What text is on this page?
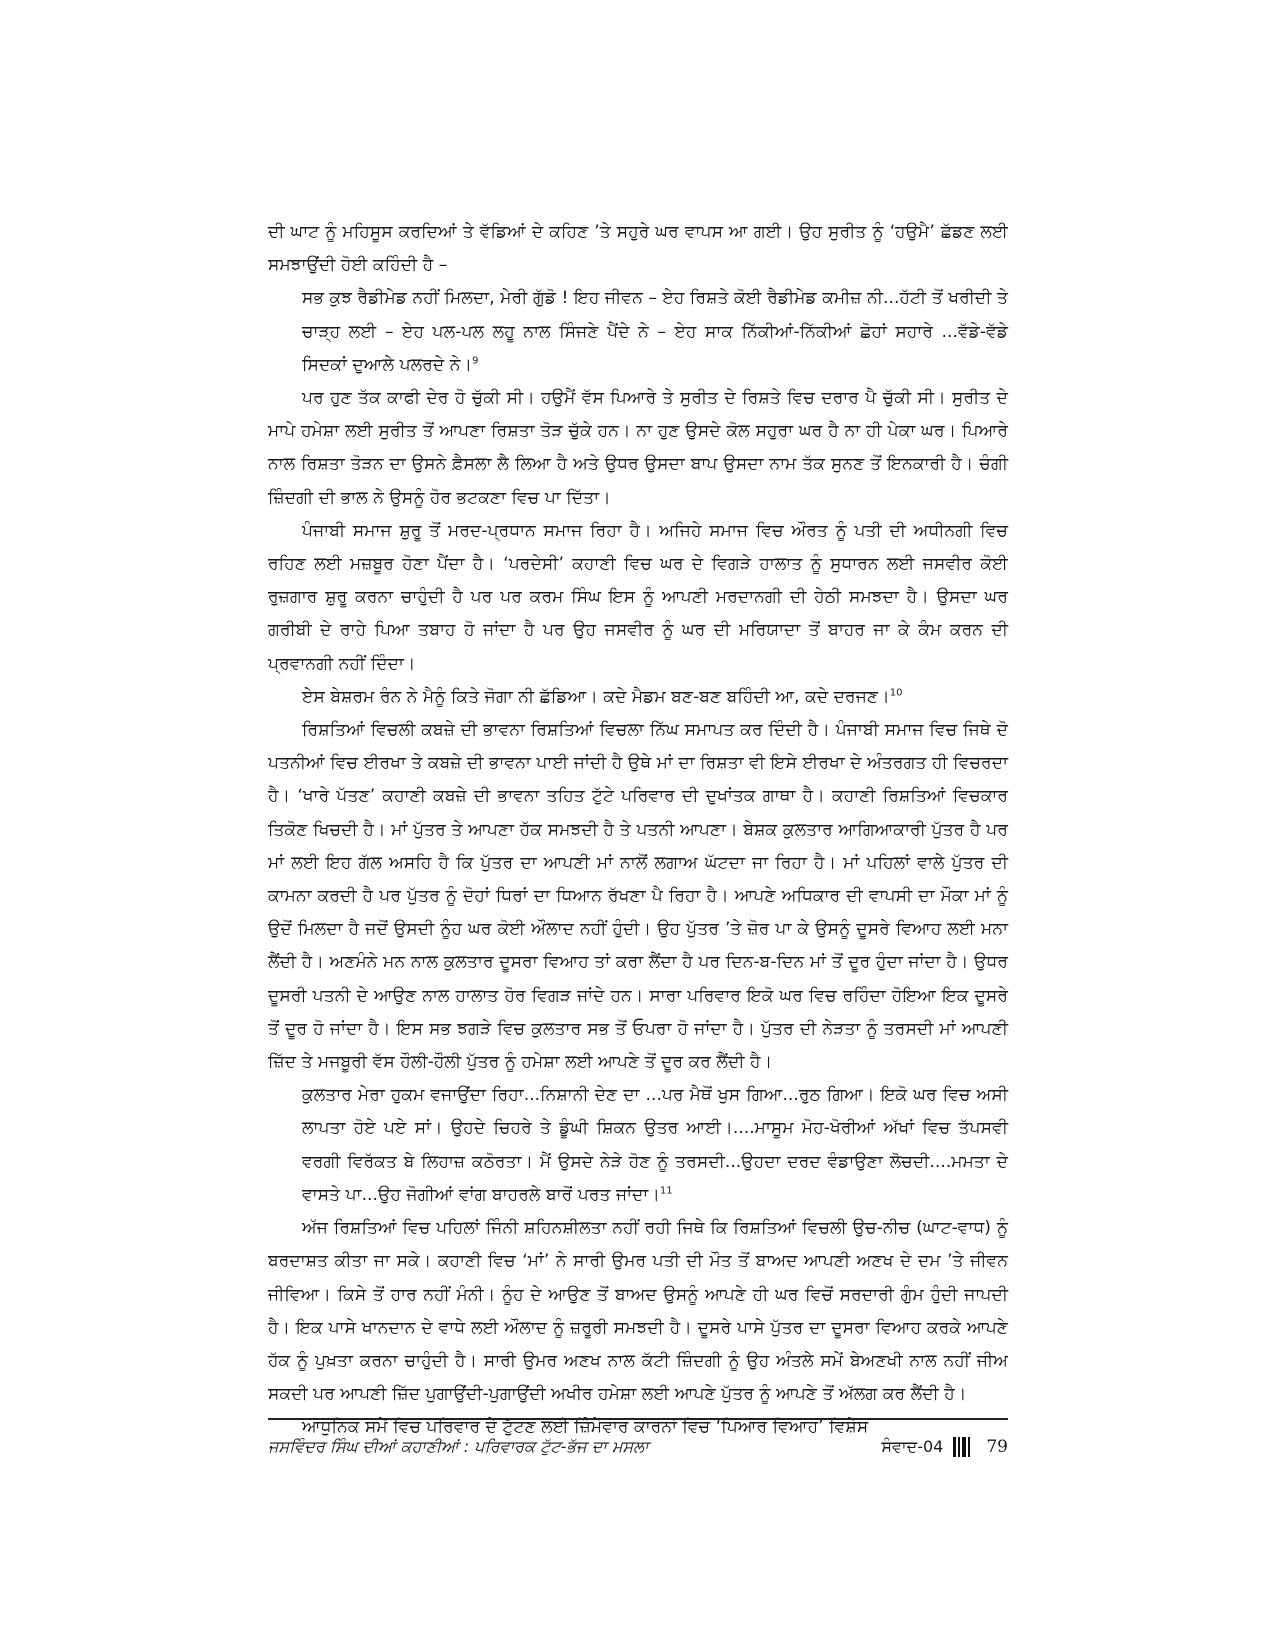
ਦੀ ਘਾਟ ਨੂੰ ਮਹਿਸੂਸ ਕਰਦਿਆਂ ਤੇ ਵੱਡਿਆਂ ਦੇ ਕਹਿਣ ’ਤੇ ਸਹੁਰੇ ਘਰ ਵਾਪਸ ਆ ਗਈ। ਉਹ ਸੁਰੀਤ ਨੂੰ ‘ਹਉਮੈ’ ਛੱਡਣ ਲਈ ਸਮਝਾਉਂਦੀ ਹੋਈ ਕਹਿੰਦੀ ਹੈ –

ਸਭ ਕੁਝ ਰੈਡੀਮੇਡ ਨਹੀਂ ਮਿਲਦਾ, ਮੇਰੀ ਗੁੱਡੋ ! ਇਹ ਜੀਵਨ – ਏਹ ਰਿਸ਼ਤੇ ਕੋਈ ਰੈਡੀਮੇਡ ਕਮੀਜ਼ ਨੀ...ਹੱਟੀ ਤੋਂ ਖਰੀਦੀ ਤੇ ਚਾੜ੍ਹ ਲਈ – ਏਹ ਪਲ-ਪਲ ਲਹੂ ਨਾਲ ਸਿੰਜਣੇ ਪੈਂਦੇ ਨੇ – ਏਹ ਸਾਕ ਨਿੱਕੀਆਂ-ਨਿੱਕੀਆਂ ਛੋਹਾਂ ਸਹਾਰੇ ...ਵੱਡੇ-ਵੱਡੇ ਸਿਦਕਾਂ ਦੁਆਲੇ ਪਲਰਦੇ ਨੇ।$^9$

ਪਰ ਹੁਣ ਤੱਕ ਕਾਫੀ ਦੇਰ ਹੋ ਚੁੱਕੀ ਸੀ। ਹਉਮੈਂ ਵੱਸ ਪਿਆਰੇ ਤੇ ਸੁਰੀਤ ਦੇ ਰਿਸ਼ਤੇ ਵਿਚ ਦਰਾਰ ਪੈ ਚੁੱਕੀ ਸੀ। ਸੁਰੀਤ ਦੇ ਮਾਪੇ ਹਮੇਸ਼ਾ ਲਈ ਸੁਰੀਤ ਤੋਂ ਆਪਣਾ ਰਿਸ਼ਤਾ ਤੋੜ ਚੁੱਕੇ ਹਨ। ਨਾ ਹੁਣ ਉਸਦੇ ਕੋਲ ਸਹੁਰਾ ਘਰ ਹੈ ਨਾ ਹੀ ਪੇਕਾ ਘਰ। ਪਿਆਰੇ ਨਾਲ ਰਿਸ਼ਤਾ ਤੋੜਨ ਦਾ ਉਸਨੇ ਫ਼ੈਸਲਾ ਲੈ ਲਿਆ ਹੈ ਅਤੇ ਉਧਰ ਉਸਦਾ ਬਾਪ ਉਸਦਾ ਨਾਮ ਤੱਕ ਸੁਨਣ ਤੋਂ ਇਨਕਾਰੀ ਹੈ। ਚੰਗੀ ਜ਼ਿੰਦਗੀ ਦੀ ਭਾਲ ਨੇ ਉਸਨੂੰ ਹੋਰ ਭਟਕਣਾ ਵਿਚ ਪਾ ਦਿੱਤਾ।

ਪੰਜਾਬੀ ਸਮਾਜ ਸ਼ੁਰੂ ਤੋਂ ਮਰਦ-ਪ੍ਰਧਾਨ ਸਮਾਜ ਰਿਹਾ ਹੈ। ਅਜਿਹੇ ਸਮਾਜ ਵਿਚ ਔਰਤ ਨੂੰ ਪਤੀ ਦੀ ਅਧੀਨਗੀ ਵਿਚ ਰਹਿਣ ਲਈ ਮਜ਼ਬੂਰ ਹੋਣਾ ਪੈਂਦਾ ਹੈ। ‘ਪਰਦੇਸੀ’ ਕਹਾਣੀ ਵਿਚ ਘਰ ਦੇ ਵਿਗੜੇ ਹਾਲਾਤ ਨੂੰ ਸੁਧਾਰਨ ਲਈ ਜਸਵੀਰ ਕੋਈ ਰੁਜ਼ਗਾਰ ਸ਼ੁਰੂ ਕਰਨਾ ਚਾਹੁੰਦੀ ਹੈ ਪਰ ਪਰ ਕਰਮ ਸਿੰਘ ਇਸ ਨੂੰ ਆਪਣੀ ਮਰਦਾਨਗੀ ਦੀ ਹੇਠੀ ਸਮਝਦਾ ਹੈ। ਉਸਦਾ ਘਰ ਗਰੀਬੀ ਦੇ ਰਾਹੇ ਪਿਆ ਤਬਾਹ ਹੋ ਜਾਂਦਾ ਹੈ ਪਰ ਉਹ ਜਸਵੀਰ ਨੂੰ ਘਰ ਦੀ ਮਰਿਯਾਦਾ ਤੋਂ ਬਾਹਰ ਜਾ ਕੇ ਕੰਮ ਕਰਨ ਦੀ ਪ੍ਰਵਾਨਗੀ ਨਹੀਂ ਦਿੰਦਾ।

ਏਸ ਬੇਸ਼ਰਮ ਰੰਨ ਨੇ ਮੈਨੂੰ ਕਿਤੇ ਜੋਗਾ ਨੀ ਛੱਡਿਆ। ਕਦੇ ਮੈਡਮ ਬਣ-ਬਣ ਬਹਿੰਦੀ ਆ, ਕਦੇ ਦਰਜਣ।$^{10}$

ਰਿਸ਼ਤਿਆਂ ਵਿਚਲੀ ਕਬਜ਼ੇ ਦੀ ਭਾਵਨਾ ਰਿਸ਼ਤਿਆਂ ਵਿਚਲਾ ਨਿੱਘ ਸਮਾਪਤ ਕਰ ਦਿੰਦੀ ਹੈ। ਪੰਜਾਬੀ ਸਮਾਜ ਵਿਚ ਜਿਥੇ ਦੋ ਪਤਨੀਆਂ ਵਿਚ ਈਰਖਾ ਤੇ ਕਬਜ਼ੇ ਦੀ ਭਾਵਨਾ ਪਾਈ ਜਾਂਦੀ ਹੈ ਉਥੇ ਮਾਂ ਦਾ ਰਿਸ਼ਤਾ ਵੀ ਇਸੇ ਈਰਖਾ ਦੇ ਅੰਤਰਗਤ ਹੀ ਵਿਚਰਦਾ ਹੈ। ‘ਖਾਰੇ ਪੱਤਣ’ ਕਹਾਣੀ ਕਬਜ਼ੇ ਦੀ ਭਾਵਨਾ ਤਹਿਤ ਟੁੱਟੇ ਪਰਿਵਾਰ ਦੀ ਦੁਖਾਂਤਕ ਗਾਥਾ ਹੈ। ਕਹਾਣੀ ਰਿਸ਼ਤਿਆਂ ਵਿਚਕਾਰ ਤਿਕੋਣ ਖਿਚਦੀ ਹੈ। ਮਾਂ ਪੁੱਤਰ ਤੇ ਆਪਣਾ ਹੱਕ ਸਮਝਦੀ ਹੈ ਤੇ ਪਤਨੀ ਆਪਣਾ। ਬੇਸ਼ਕ ਕੁਲਤਾਰ ਆਗਿਆਕਾਰੀ ਪੁੱਤਰ ਹੈ ਪਰ ਮਾਂ ਲਈ ਇਹ ਗੱਲ ਅਸਹਿ ਹੈ ਕਿ ਪੁੱਤਰ ਦਾ ਆਪਣੀ ਮਾਂ ਨਾਲੋਂ ਲਗਾਅ ਘੱਟਦਾ ਜਾ ਰਿਹਾ ਹੈ। ਮਾਂ ਪਹਿਲਾਂ ਵਾਲੇ ਪੁੱਤਰ ਦੀ ਕਾਮਨਾ ਕਰਦੀ ਹੈ ਪਰ ਪੁੱਤਰ ਨੂੰ ਦੋਹਾਂ ਧਿਰਾਂ ਦਾ ਧਿਆਨ ਰੱਖਣਾ ਪੈ ਰਿਹਾ ਹੈ। ਆਪਣੇ ਅਧਿਕਾਰ ਦੀ ਵਾਪਸੀ ਦਾ ਮੌਕਾ ਮਾਂ ਨੂੰ ਉਦੋਂ ਮਿਲਦਾ ਹੈ ਜਦੋਂ ਉਸਦੀ ਨੂੰਹ ਘਰ ਕੋਈ ਔਲਾਦ ਨਹੀਂ ਹੁੰਦੀ। ਉਹ ਪੁੱਤਰ ’ਤੇ ਜ਼ੋਰ ਪਾ ਕੇ ਉਸਨੂੰ ਦੂਸਰੇ ਵਿਆਹ ਲਈ ਮਨਾ ਲੈਂਦੀ ਹੈ। ਅਣਮੰਨੇ ਮਨ ਨਾਲ ਕੁਲਤਾਰ ਦੂਸਰਾ ਵਿਆਹ ਤਾਂ ਕਰਾ ਲੈਂਦਾ ਹੈ ਪਰ ਦਿਨ-ਬ-ਦਿਨ ਮਾਂ ਤੋਂ ਦੂਰ ਹੁੰਦਾ ਜਾਂਦਾ ਹੈ। ਉਧਰ ਦੂਸਰੀ ਪਤਨੀ ਦੇ ਆਉਣ ਨਾਲ ਹਾਲਾਤ ਹੋਰ ਵਿਗੜ ਜਾਂਦੇ ਹਨ। ਸਾਰਾ ਪਰਿਵਾਰ ਇਕੋ ਘਰ ਵਿਚ ਰਹਿੰਦਾ ਹੋਇਆ ਇਕ ਦੂਸਰੇ ਤੋਂ ਦੂਰ ਹੋ ਜਾਂਦਾ ਹੈ। ਇਸ ਸਭ ਝਗੜੇ ਵਿਚ ਕੁਲਤਾਰ ਸਭ ਤੋਂ ਓਪਰਾ ਹੋ ਜਾਂਦਾ ਹੈ। ਪੁੱਤਰ ਦੀ ਨੇੜਤਾ ਨੂੰ ਤਰਸਦੀ ਮਾਂ ਆਪਣੀ ਜ਼ਿੱਦ ਤੇ ਮਜਬੂਰੀ ਵੱਸ ਹੌਲੀ-ਹੌਲੀ ਪੁੱਤਰ ਨੂੰ ਹਮੇਸ਼ਾ ਲਈ ਆਪਣੇ ਤੋਂ ਦੂਰ ਕਰ ਲੈਂਦੀ ਹੈ।

ਕੁਲਤਾਰ ਮੇਰਾ ਹੁਕਮ ਵਜਾਉਂਦਾ ਰਿਹਾ...ਨਿਸ਼ਾਨੀ ਦੇਣ ਦਾ ...ਪਰ ਮੈਥੋਂ ਖੁਸ ਗਿਆ...ਰੁਠ ਗਿਆ। ਇਕੋ ਘਰ ਵਿਚ ਅਸੀ ਲਾਪਤਾ ਹੋਏ ਪਏ ਸਾਂ। ਉਹਦੇ ਚਿਹਰੇ ਤੇ ਡੂੰਘੀ ਸ਼ਿਕਨ ਉਤਰ ਆਈ।....ਮਾਸੂਮ ਮੋਹ-ਖੋਰੀਆਂ ਅੱਖਾਂ ਵਿਚ ਤੱਪਸਵੀ ਵਰਗੀ ਵਿਰੱਕਤ ਬੇ ਲਿਹਾਜ਼ ਕਠੋਰਤਾ। ਮੈਂ ਉਸਦੇ ਨੇੜੇ ਹੋਣ ਨੂੰ ਤਰਸਦੀ...ਉਹਦਾ ਦਰਦ ਵੰਡਾਉਣਾ ਲੋਚਦੀ....ਮਮਤਾ ਦੇ ਵਾਸਤੇ ਪਾ...ਉਹ ਜੋਗੀਆਂ ਵਾਂਗ ਬਾਹਰਲੇ ਬਾਰੋਂ ਪਰਤ ਜਾਂਦਾ।$^{11}$

ਅੱਜ ਰਿਸ਼ਤਿਆਂ ਵਿਚ ਪਹਿਲਾਂ ਜਿੰਨੀ ਸ਼ਹਿਨਸ਼ੀਲਤਾ ਨਹੀਂ ਰਹੀ ਜਿਥੇ ਕਿ ਰਿਸ਼ਤਿਆਂ ਵਿਚਲੀ ਉਚ-ਨੀਚ (ਘਾਟ-ਵਾਧ) ਨੂੰ ਬਰਦਾਸ਼ਤ ਕੀਤਾ ਜਾ ਸਕੇ। ਕਹਾਣੀ ਵਿਚ ‘ਮਾਂ’ ਨੇ ਸਾਰੀ ਉਮਰ ਪਤੀ ਦੀ ਮੌਤ ਤੋਂ ਬਾਅਦ ਆਪਣੀ ਅਣਖ ਦੇ ਦਮ ’ਤੇ ਜੀਵਨ ਜੀਵਿਆ। ਕਿਸੇ ਤੋਂ ਹਾਰ ਨਹੀਂ ਮੰਨੀ। ਨੂੰਹ ਦੇ ਆਉਣ ਤੋਂ ਬਾਅਦ ਉਸਨੂੰ ਆਪਣੇ ਹੀ ਘਰ ਵਿਚੋਂ ਸਰਦਾਰੀ ਗੁੰਮ ਹੁੰਦੀ ਜਾਪਦੀ ਹੈ। ਇਕ ਪਾਸੇ ਖਾਨਦਾਨ ਦੇ ਵਾਧੇ ਲਈ ਔਲਾਦ ਨੂੰ ਜ਼ਰੂਰੀ ਸਮਝਦੀ ਹੈ। ਦੂਸਰੇ ਪਾਸੇ ਪੁੱਤਰ ਦਾ ਦੂਸਰਾ ਵਿਆਹ ਕਰਕੇ ਆਪਣੇ ਹੱਕ ਨੂੰ ਪੁਖ਼ਤਾ ਕਰਨਾ ਚਾਹੁੰਦੀ ਹੈ। ਸਾਰੀ ਉਮਰ ਅਣਖ ਨਾਲ ਕੱਟੀ ਜ਼ਿੰਦਗੀ ਨੂੰ ਉਹ ਅੰਤਲੇ ਸਮੇਂ ਬੇਅਣਖੀ ਨਾਲ ਨਹੀਂ ਜੀਅ ਸਕਦੀ ਪਰ ਆਪਣੀ ਜ਼ਿੱਦ ਪੁਗਾਉਂਦੀ-ਪੁਗਾਉਂਦੀ ਅਖੀਰ ਹਮੇਸ਼ਾ ਲਈ ਆਪਣੇ ਪੁੱਤਰ ਨੂੰ ਆਪਣੇ ਤੋਂ ਅੱਲਗ ਕਰ ਲੈਂਦੀ ਹੈ।

ਆਧੁਨਿਕ ਸਮੇਂ ਵਿਚ ਪਰਿਵਾਰ ਦੇ ਟੁੱਟਣ ਲਈ ਜ਼ਿੰਮੇਵਾਰ ਕਾਰਨਾਂ ਵਿਚ ‘ਪਿਆਰ ਵਿਆਹ’ ਵਿਸ਼ੇਸ

ਜਸਵਿੰਦਰ ਸਿੰਘ ਦੀਆਂ ਕਹਾਣੀਆਂ : ਪਰਿਵਾਰਕ ਟੁੱਟ-ਭੱਜ ਦਾ ਮਸਲਾ	ਸੰਵਾਦ-04	79
